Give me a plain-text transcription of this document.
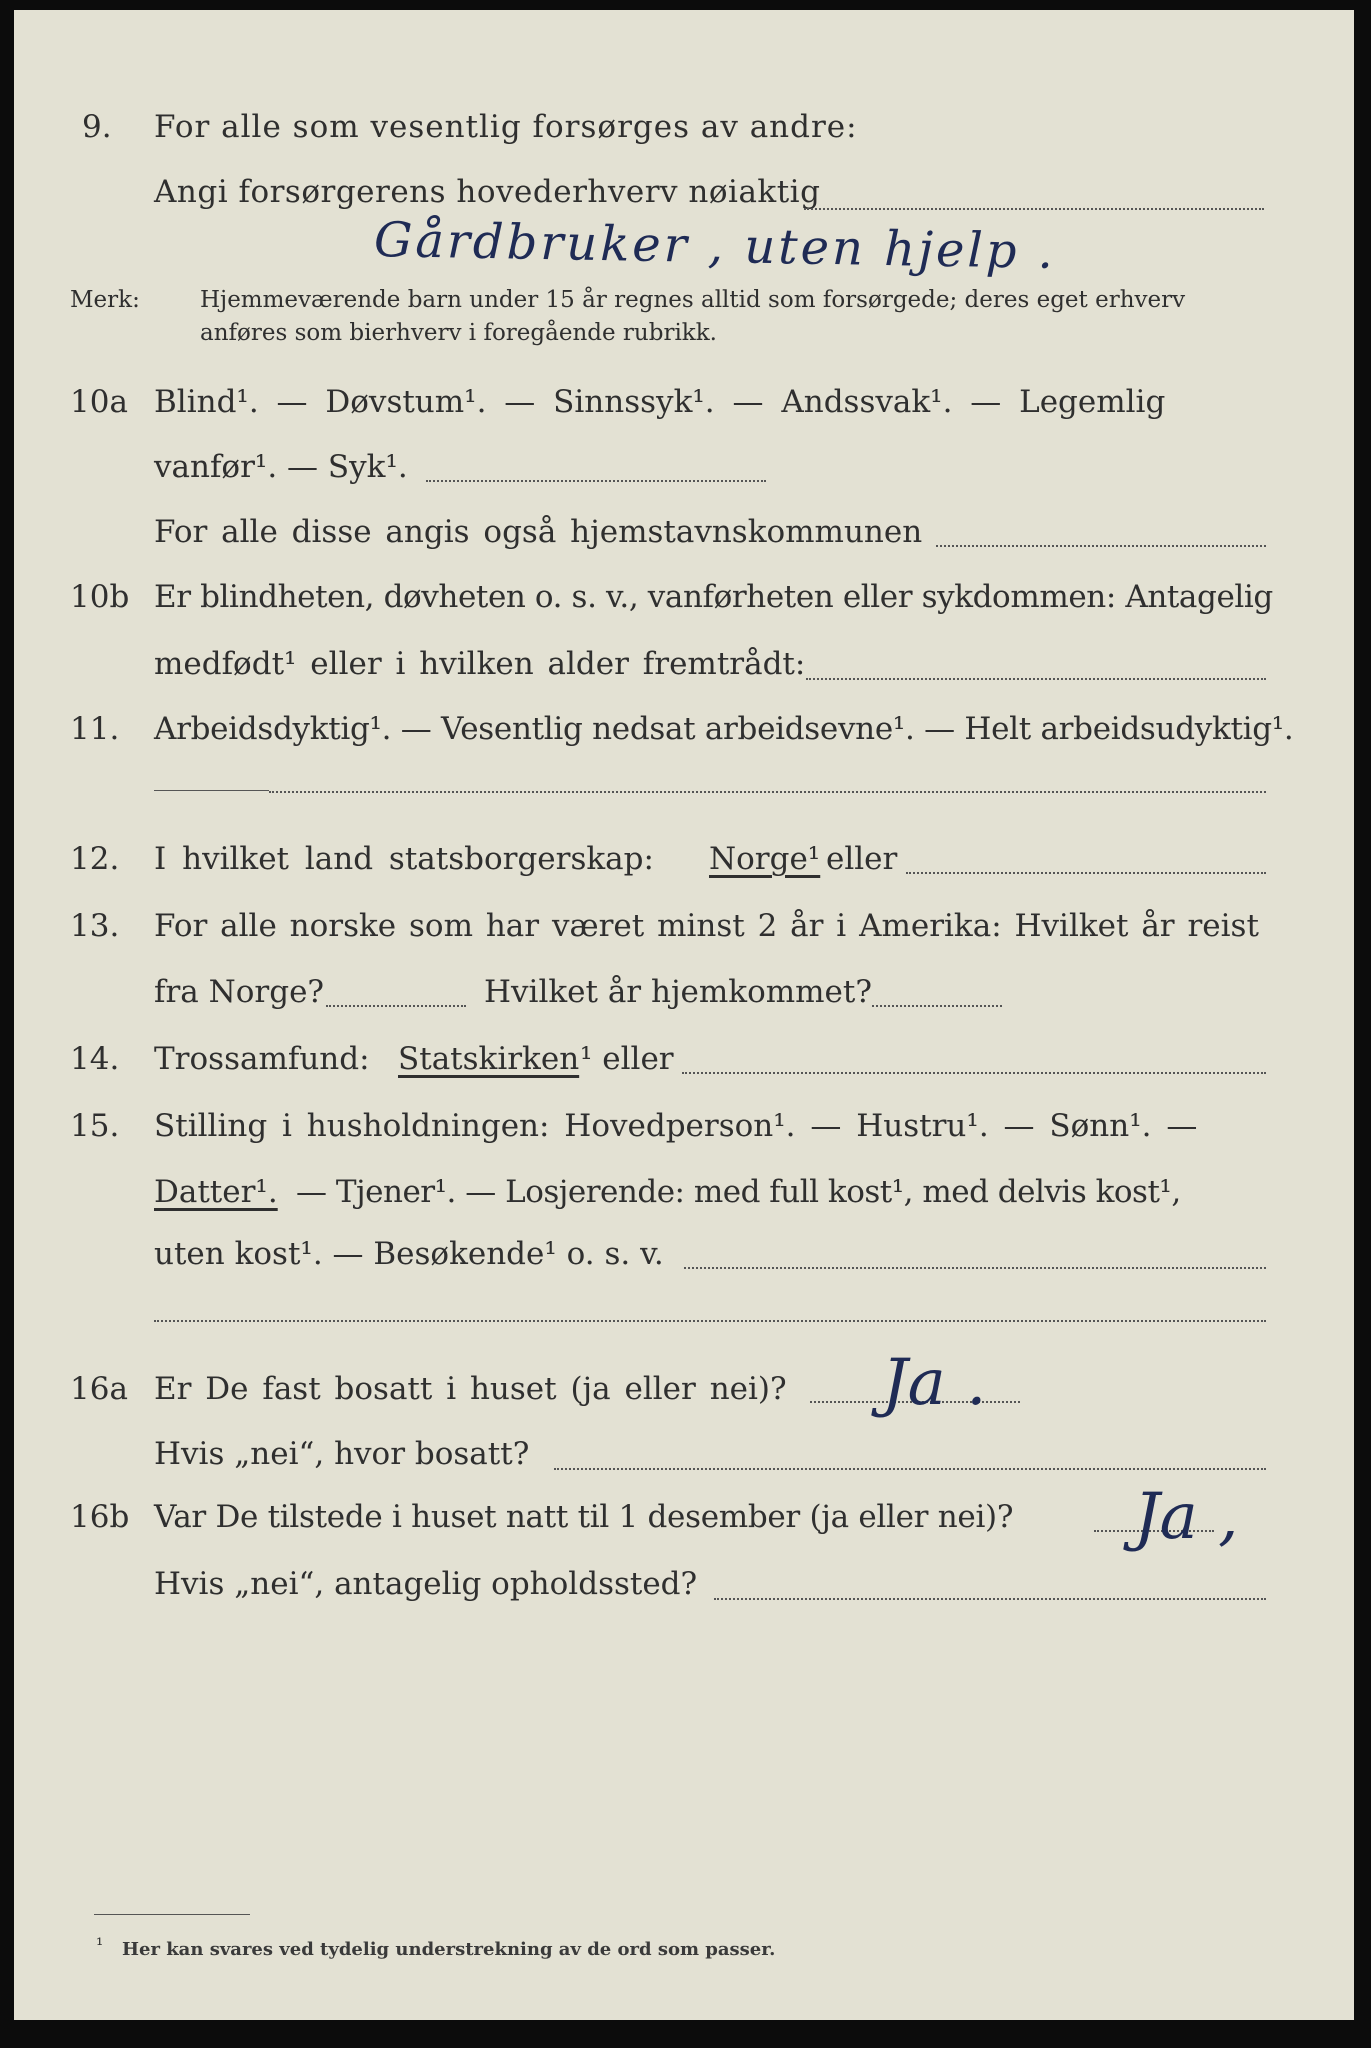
9. For alle som vesentlig forsørges av andre:
Angi forsørgerens hovederhverv nøiaktig
Gårdbruker , uten hjelp .
Merk:	Hjemmeværende barn under 15 år regnes alltid som forsørgede; deres eget erhverv
anføres som bierhverv i foregående rubrikk.
10a Blind¹. — Døvstum¹. — Sinnssyk¹. — Andssvak¹. — Legemlig
vanfør¹. — Syk¹.
For alle disse angis også hjemstavnskommunen
10b Er blindheten, døvheten o. s. v., vanførheten eller sykdommen: Antagelig
medfødt¹ eller i hvilken alder fremtrådt:
11. Arbeidsdyktig¹. — Vesentlig nedsat arbeidsevne¹. — Helt arbeidsudyktig¹.
12. I hvilket land statsborgerskap: Norge¹ eller
13. For alle norske som har været minst 2 år i Amerika: Hvilket år reist
fra Norge?	Hvilket år hjemkommet?
14. Trossamfund: Statskirken ¹ eller
15. Stilling i husholdningen: Hovedperson¹. — Hustru¹. — Sønn¹. —
Datter¹. — Tjener¹. — Losjerende: med full kost¹, med delvis kost¹,
uten kost¹. — Besøkende¹ o. s. v.
16a Er De fast bosatt i huset (ja eller nei)?
Hvis „nei“, hvor bosatt?
Ja .
16b Var De tilstede i huset natt til 1 desember (ja eller nei)?
Hvis „nei“, antagelig opholdssted?
Ja ,
¹ Her kan svares ved tydelig understrekning av de ord som passer.
